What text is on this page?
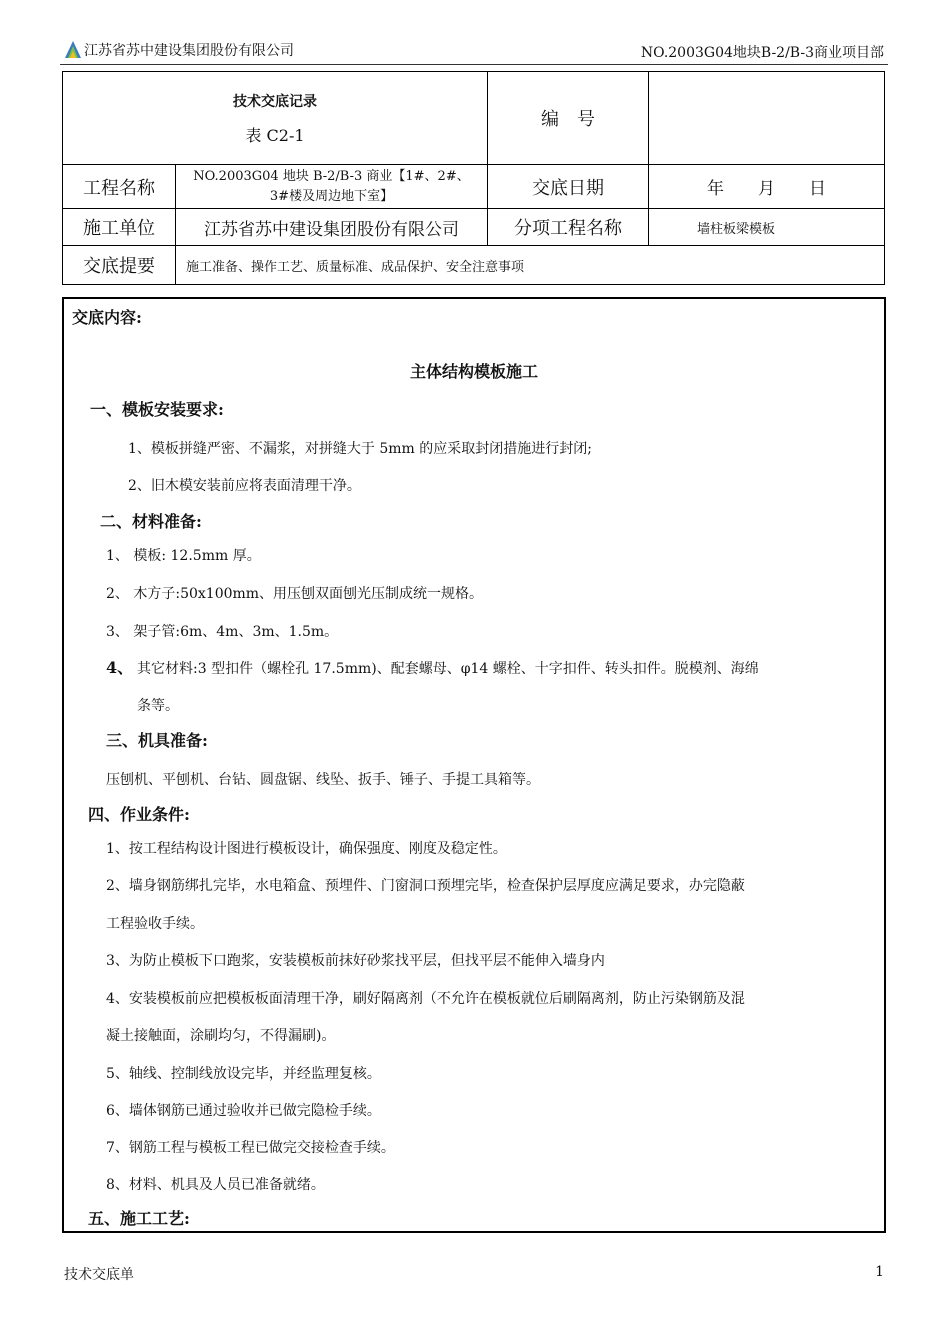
江苏省苏中建设集团股份有限公司	NO.2003G04地块B-2/B-3商业项目部
技术交底记录
表 C2-1		编　号	
工程名称	NO.2003G04 地块 B-2/B-3 商业【1#、2#、
3#楼及周边地下室】	交底日期	年　　月　　日
施工单位	江苏省苏中建设集团股份有限公司	分项工程名称	墙柱板梁模板
交底提要	施工准备、操作工艺、质量标准、成品保护、安全注意事项		
交底内容:
主体结构模板施工
一、模板安装要求:
1、模板拼缝严密、不漏浆，对拼缝大于 5mm 的应采取封闭措施进行封闭;
2、旧木模安装前应将表面清理干净。
二、材料准备:
1、 模板: 12.5mm 厚。
2、 木方子:50x100mm、用压刨双面刨光压制成统一规格。
3、 架子管:6m、4m、3m、1.5m。
4、 其它材料:3 型扣件（螺栓孔 17.5mm)、配套螺母、φ14 螺栓、十字扣件、转头扣件。脱模剂、海绵
条等。
三、机具准备:
压刨机、平刨机、台钻、圆盘锯、线坠、扳手、锤子、手提工具箱等。
四、作业条件:
1、按工程结构设计图进行模板设计，确保强度、刚度及稳定性。
2、墙身钢筋绑扎完毕，水电箱盒、预埋件、门窗洞口预埋完毕，检查保护层厚度应满足要求，办完隐蔽
工程验收手续。
3、为防止模板下口跑浆，安装模板前抹好砂浆找平层，但找平层不能伸入墙身内
4、安装模板前应把模板板面清理干净，刷好隔离剂（不允许在模板就位后刷隔离剂，防止污染钢筋及混
凝土接触面，涂刷均匀，不得漏刷)。
5、轴线、控制线放设完毕，并经监理复核。
6、墙体钢筋已通过验收并已做完隐检手续。
7、钢筋工程与模板工程已做完交接检查手续。
8、材料、机具及人员已准备就绪。
五、施工工艺:
技术交底单	1
